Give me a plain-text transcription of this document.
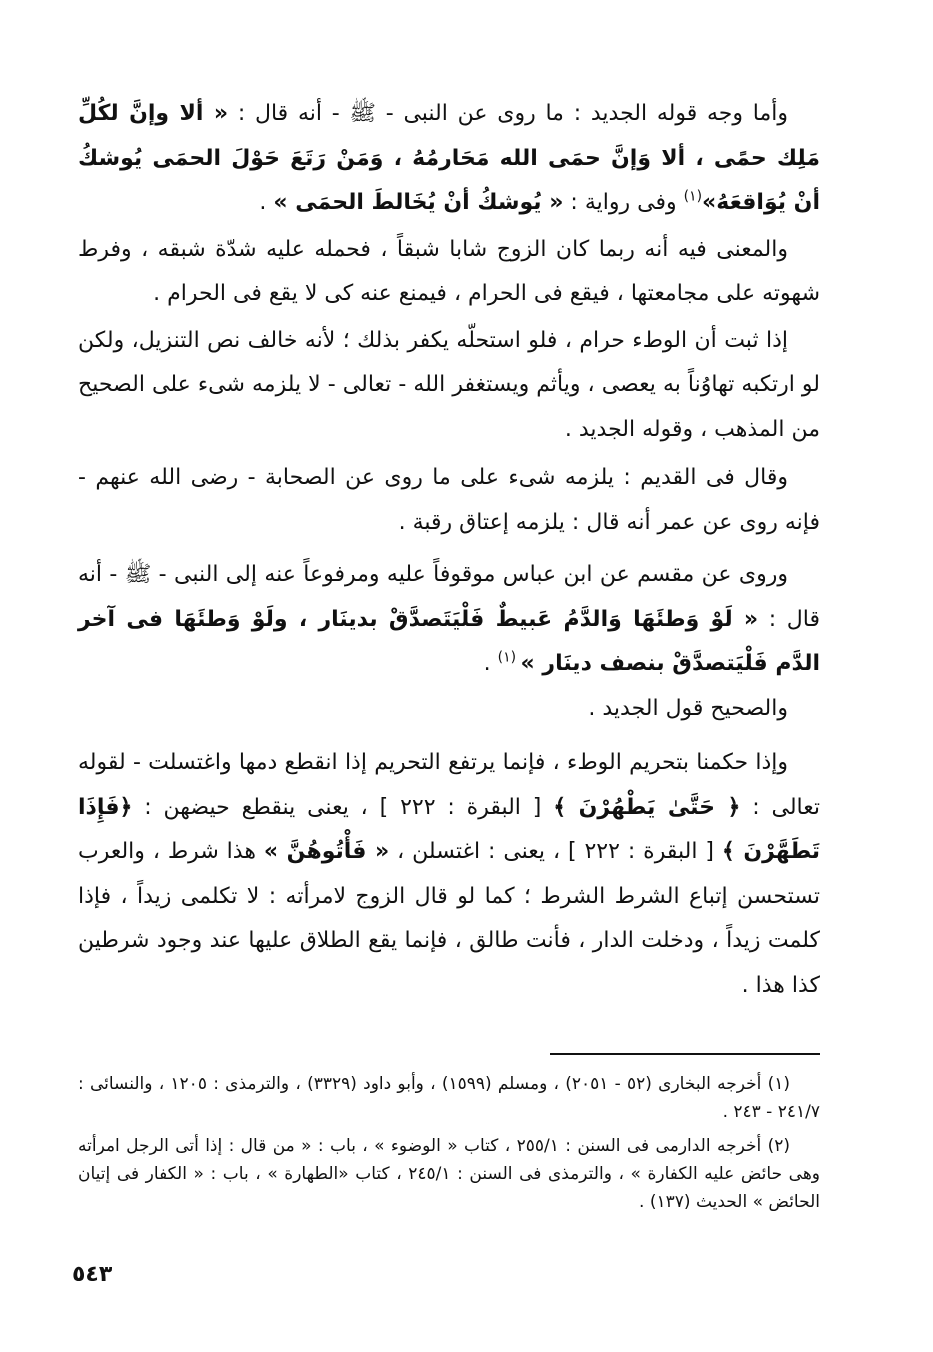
وأما وجه قوله الجديد : ما روى عن النبى - ﷺ - أنه قال : « ألا وإنَّ لكُلِّ مَلِك حمًى ، ألا وَإنَّ حمَى الله مَحَارمُهُ ، وَمَنْ رَتَعَ حَوْلَ الحمَى يُوشكُ أنْ يُوَاقعَهُ»$^{(١)}$ وفى رواية : « يُوشكُ أنْ يُخَالطَ الحمَى » .

والمعنى فيه أنه ربما كان الزوج شابا شبقاً ، فحمله عليه شدّة شبقه ، وفرط شهوته على مجامعتها ، فيقع فى الحرام ، فيمنع عنه كى لا يقع فى الحرام .

إذا ثبت أن الوطء حرام ، فلو استحلّه يكفر بذلك ؛ لأنه خالف نص التنزيل، ولكن لو ارتكبه تهاوُناً به يعصى ، ويأثم ويستغفر الله - تعالى - لا يلزمه شىء على الصحيح من المذهب ، وقوله الجديد .

وقال فى القديم : يلزمه شىء على ما روى عن الصحابة - رضى الله عنهم - فإنه روى عن عمر أنه قال : يلزمه إعتاق رقبة .

وروى عن مقسم عن ابن عباس موقوفاً عليه ومرفوعاً عنه إلى النبى - ﷺ - أنه قال : « لَوْ وَطئَهَا وَالدَّمُ عَبيطٌ فَلْيَتَصدَّقْ بدينَار ، ولَوْ وَطئَهَا فى آخر الدَّم فَلْيَتصدَّقْ بنصف دينَار » $^{(١)}$ .

والصحيح قول الجديد .

وإذا حكمنا بتحريم الوطء ، فإنما يرتفع التحريم إذا انقطع دمها واغتسلت - لقوله تعالى : ﴿ حَتَّىٰ يَطْهُرْنَ ﴾ [ البقرة : ٢٢٢ ] ، يعنى ينقطع حيضهن : ﴿فَإِذَا تَطَهَّرْنَ ﴾ [ البقرة : ٢٢٢ ] ، يعنى : اغتسلن ، « فَأْتُوهُنَّ » هذا شرط ، والعرب تستحسن إتباع الشرط الشرط ؛ كما لو قال الزوج لامرأته : لا تكلمى زيداً ، فإذا كلمت زيداً ، ودخلت الدار ، فأنت طالق ، فإنما يقع الطلاق عليها عند وجود شرطين كذا هذا .

(١) أخرجه البخارى (٥٢ - ٢٠٥١) ، ومسلم (١٥٩٩) ، وأبو داود (٣٣٢٩) ، والترمذى : ١٢٠٥ ، والنسائى : ٢٤١/٧ - ٢٤٣ .

(٢) أخرجه الدارمى فى السنن : ٢٥٥/١ ، كتاب « الوضوء » ، باب : « من قال : إذا أتى الرجل امرأته وهى حائض عليه الكفارة » ، والترمذى فى السنن : ٢٤٥/١ ، كتاب «الطهارة » ، باب : « الكفار فى إتيان الحائض » الحديث (١٣٧) .

٥٤٣
